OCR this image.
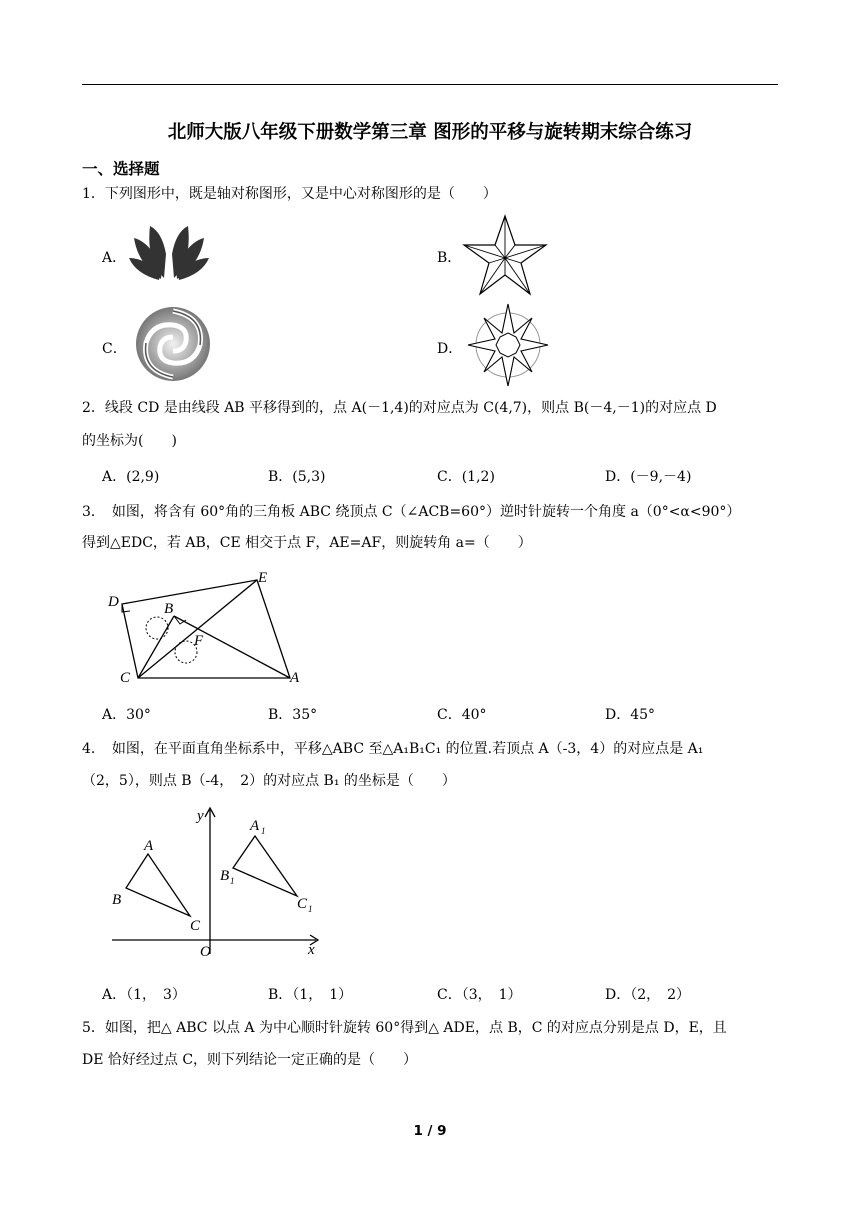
北师大版八年级下册数学第三章 图形的平移与旋转期末综合练习
一、选择题
1．下列图形中，既是轴对称图形，又是中心对称图形的是（　　）
A．	B．
C．	D．
2．线段 CD 是由线段 AB 平移得到的，点 A(－1,4)的对应点为 C(4,7)，则点 B(－4,－1)的对应点 D
的坐标为(　　)
A．(2,9)	B．(5,3)	C．(1,2)	D．(－9,－4)
3．　如图，将含有 60°角的三角板 ABC 绕顶点 C（∠ACB=60°）逆时针旋转一个角度 a（0°<α<90°）
得到△EDC，若 AB，CE 相交于点 F，AE=AF，则旋转角 a=（　　）
D	B
E
F
C	A
A．30°	B．35°	C．40°	D．45°
4．　如图，在平面直角坐标系中，平移△ABC 至△A₁B₁C₁ 的位置.若顶点 A（-3，4）的对应点是 A₁
（2，5），则点 B（-4，　2）的对应点 B₁ 的坐标是（　　）
y
x
O
A
B
C
A
B
C
1
1
1
A．（1，　3）	B．（1，　1）	C．（3，　1）	D．（2，　2）
5．如图，把△ ABC 以点 A 为中心顺时针旋转 60°得到△ ADE，点 B，C 的对应点分别是点 D，E，且
DE 恰好经过点 C，则下列结论一定正确的是（　　）
1 / 9
